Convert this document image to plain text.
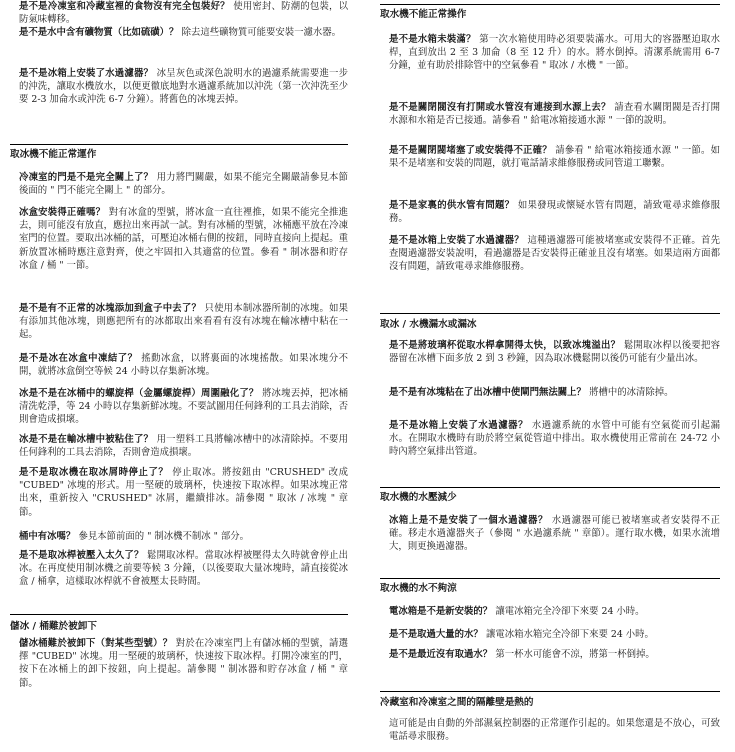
是不是冷凍室和冷藏室裡的食物沒有完全包裝好？ 使用密封、防潮的包裝，以防氣味轉移。
是不是水中含有礦物質（比如硫磺）？ 除去這些礦物質可能要安裝一濾水器。
是不是冰箱上安裝了水過濾器？ 冰呈灰色或深色說明水的過濾系統需要進一步的沖洗，讓取水機放水，以便更徹底地對水過濾系統加以沖洗（第一次沖洗至少要 2-3 加侖水或沖洗 6-7 分鐘）。將舊色的冰塊丟掉。
取冰機不能正常運作
冷凍室的門是不是完全關上了？ 用力將門關嚴，如果不能完全關嚴請參見本節後面的 " 門不能完全關上 " 的部分。
冰盒安裝得正確嗎？ 對有冰盒的型號，將冰盒一直往裡推，如果不能完全推進去，則可能沒有放直，應拉出來再試一試。對有冰桶的型號，冰桶應平放在冷凍室門的位置。要取出冰桶的話，可壓迫冰桶右側的按鈕，同時直接向上提起。重新放置冰桶時應注意對齊，使之牢固扣入其適當的位置。參看 " 制冰器和貯存冰盒 / 桶 " 一節。
是不是有不正常的冰塊添加到盒子中去了？ 只使用本制冰器所制的冰塊。如果有添加其他冰塊，則應把所有的冰都取出來看看有沒有冰塊在輸冰槽中粘在一起。
是不是冰在冰盒中凍結了？ 搖動冰盒，以將裏面的冰塊搖散。如果冰塊分不開，就將冰盒倒空等候 24 小時以存集新冰塊。
冰是不是在冰桶中的螺旋桿（金屬螺旋桿）周圍融化了？ 將冰塊丟掉，把冰桶清洗乾淨，等 24 小時以存集新鮮冰塊。不要試圖用任何鋒利的工具去消除，否則會造成損壞。
冰是不是在輸冰槽中被粘住了？ 用一塑料工具將輸冰槽中的冰清除掉。不要用任何鋒利的工具去消除，否則會造成損壞。
是不是取冰機在取冰屑時停止了？ 停止取冰。將按鈕由 "CRUSHED" 改成 "CUBED" 冰塊的形式。用一堅硬的玻璃杯，快速按下取冰桿。如果冰塊正常出來，重新按入 "CRUSHED" 冰屑，繼續排冰。請參閱 " 取冰 / 冰塊 " 章節。
桶中有冰嗎？ 參見本節前面的 " 制冰機不制冰 " 部分。
是不是取冰桿被壓入太久了？ 鬆開取冰桿。當取冰桿被壓得太久時就會停止出冰。在再度使用制冰機之前要等候 3 分鐘，（以後要取大量冰塊時，請直接從冰盒 / 桶拿，這樣取冰桿就不會被壓太長時間。
儲冰 / 桶難於被卸下
儲冰桶難於被卸下（對某些型號）？ 對於在冷凍室門上有儲冰桶的型號，請選擇 "CUBED" 冰塊。用一堅硬的玻璃杯，快速按下取冰桿。打開冷凍室的門，按下在冰桶上的卸下按鈕，向上提起。請參閱 " 制冰器和貯存冰盒 / 桶 " 章節。
取水機不能正常操作
是不是水箱未裝滿？ 第一次水箱使用時必須要裝滿水。可用大的容器壓迫取水桿，直到放出 2 至 3 加侖（8 至 12 升）的水。將水倒掉。清潔系統需用 6-7 分鐘，並有助於排除管中的空氣參看 " 取冰 / 水機 " 一節。
是不是關閉閥沒有打開或水管沒有連接到水源上去？ 請查看水關閉閥是否打開水源和水箱是否已接通。請參看 " 給電冰箱接通水源 " 一節的說明。
是不是關閉閥堵塞了或安裝得不正確？ 請參看 " 給電冰箱接通水源 " 一節。如果不是堵塞和安裝的問題，就打電話請求維修服務或同管道工聯繫。
是不是家裏的供水管有問題？ 如果發現或懷疑水管有問題，請致電尋求維修服務。
是不是冰箱上安裝了水過濾器？ 這種過濾器可能被堵塞或安裝得不正確。首先查閱過濾器安裝說明，看過濾器是否安裝得正確並且沒有堵塞。如果這兩方面都沒有問題，請致電尋求維修服務。
取冰 / 水機漏水或漏冰
是不是將玻璃杯從取水桿拿開得太快，以致冰塊溢出？ 鬆開取冰桿以後要把容器留在冰槽下面多放 2 到 3 秒鐘，因為取冰機鬆開以後仍可能有少量出冰。
是不是有冰塊粘在了出冰槽中使閘門無法關上？ 將槽中的冰清除掉。
是不是冰箱上安裝了水過濾器？ 水過濾系統的水管中可能有空氣從而引起漏水。在開取水機時有助於將空氣從管道中排出。取水機使用正常前在 24-72 小時內將空氣排出管道。
取水機的水壓減少
冰箱上是不是安裝了一個水過濾器？ 水過濾器可能已被堵塞或者安裝得不正確。移走水過濾器夾子（參閱 " 水過濾系統 " 章節）。運行取水機，如果水流增大，則更換過濾器。
取水機的水不夠涼
電冰箱是不是新安裝的？ 讓電冰箱完全冷卻下來要 24 小時。
是不是取過大量的水？ 讓電冰箱水箱完全冷卻下來要 24 小時。
是不是最近沒有取過水？ 第一杯水可能會不涼，將第一杯倒掉。
冷藏室和冷凍室之間的隔離壁是熱的
這可能是由自動的外部濕氣控制器的正常運作引起的。如果您還是不放心，可致電話尋求服務。
